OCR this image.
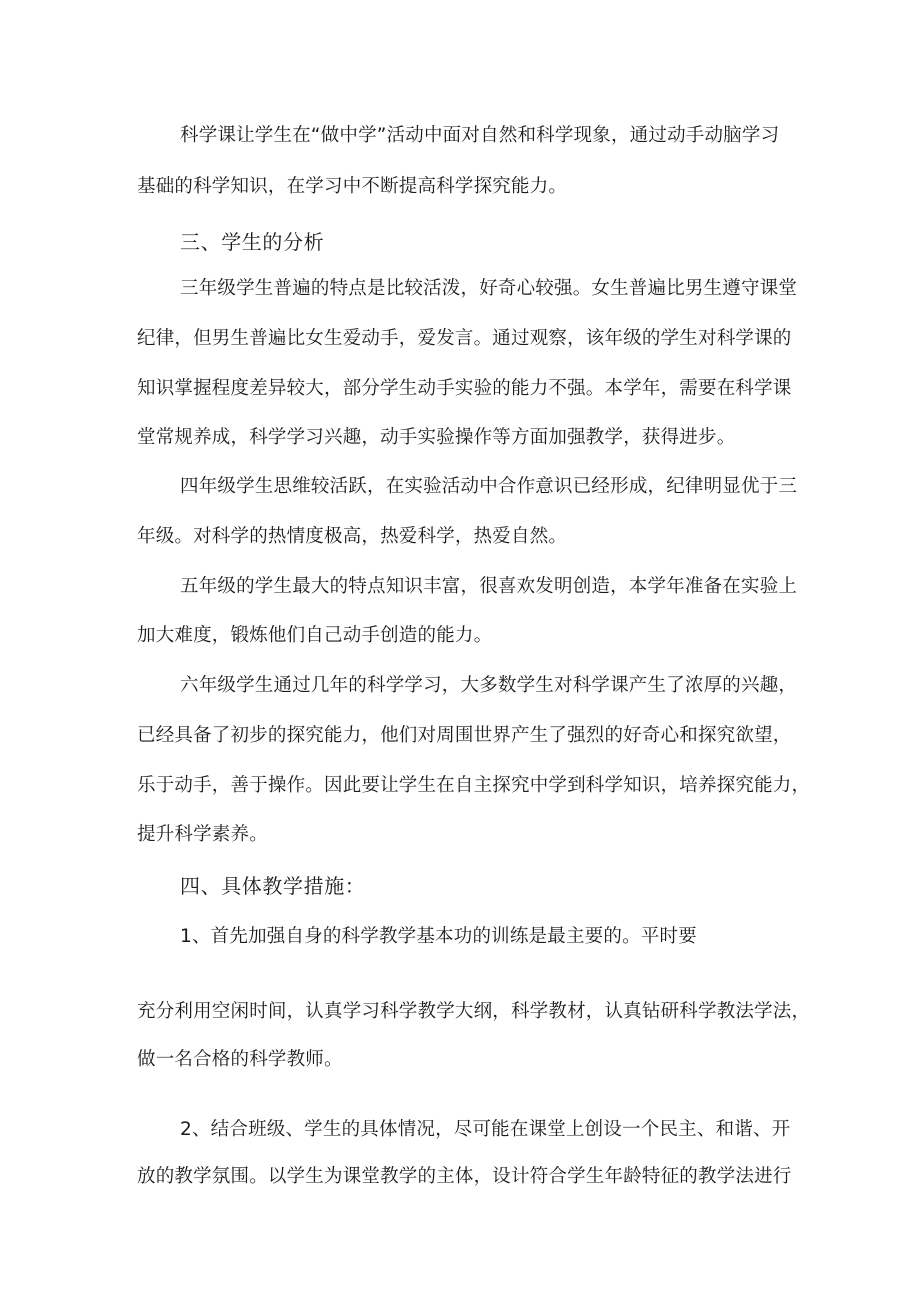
科学课让学生在“做中学”活动中面对自然和科学现象，通过动手动脑学习
基础的科学知识，在学习中不断提高科学探究能力。
三、学生的分析
三年级学生普遍的特点是比较活泼，好奇心较强。女生普遍比男生遵守课堂
纪律，但男生普遍比女生爱动手，爱发言。通过观察，该年级的学生对科学课的
知识掌握程度差异较大，部分学生动手实验的能力不强。本学年，需要在科学课
堂常规养成，科学学习兴趣，动手实验操作等方面加强教学，获得进步。
四年级学生思维较活跃，在实验活动中合作意识已经形成，纪律明显优于三
年级。对科学的热情度极高，热爱科学，热爱自然。
五年级的学生最大的特点知识丰富，很喜欢发明创造，本学年准备在实验上
加大难度，锻炼他们自己动手创造的能力。
六年级学生通过几年的科学学习，大多数学生对科学课产生了浓厚的兴趣，
已经具备了初步的探究能力，他们对周围世界产生了强烈的好奇心和探究欲望，
乐于动手，善于操作。因此要让学生在自主探究中学到科学知识，培养探究能力，
提升科学素养。
四、具体教学措施：
1、首先加强自身的科学教学基本功的训练是最主要的。平时要
充分利用空闲时间，认真学习科学教学大纲，科学教材，认真钻研科学教法学法，
做一名合格的科学教师。
2、结合班级、学生的具体情况，尽可能在课堂上创设一个民主、和谐、开
放的教学氛围。以学生为课堂教学的主体，设计符合学生年龄特征的教学法进行
